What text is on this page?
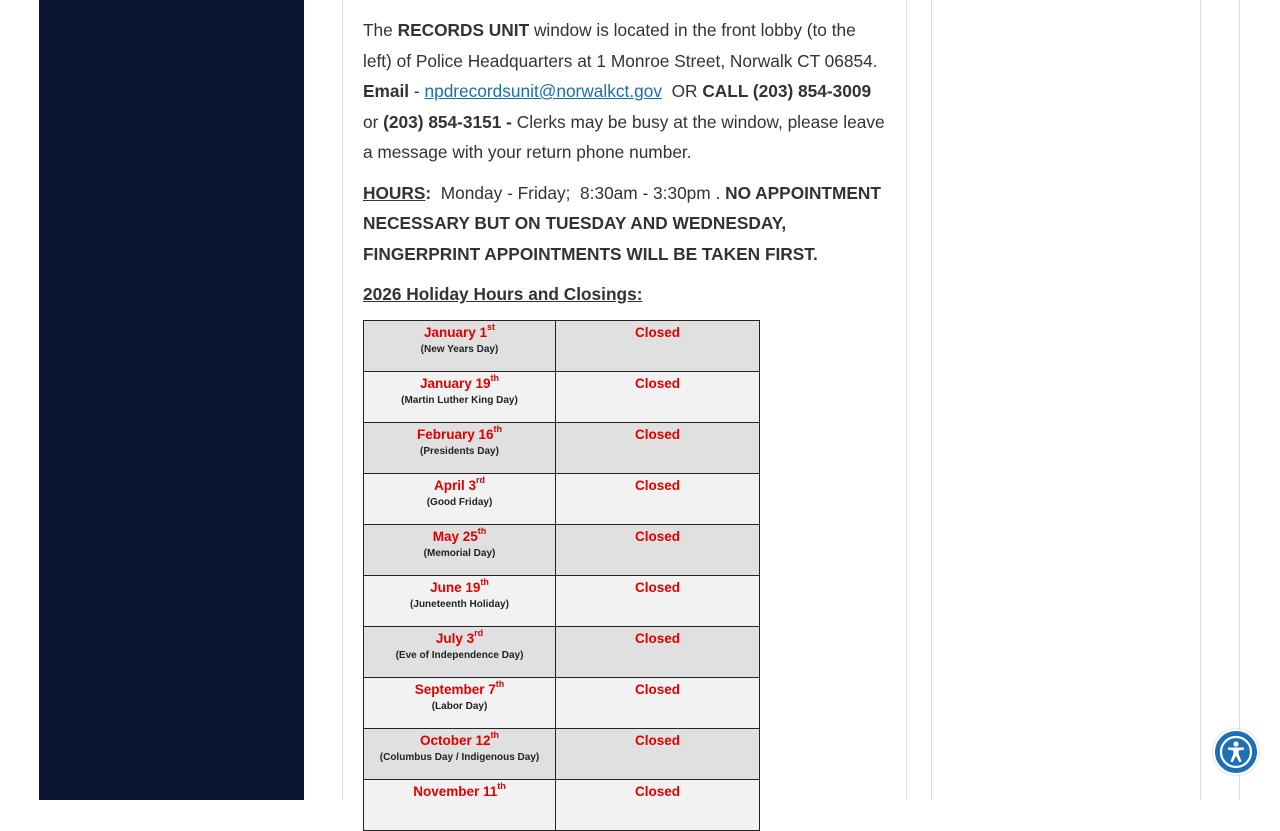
The RECORDS UNIT window is located in the front lobby (to the left) of Police Headquarters at 1 Monroe Street, Norwalk CT 06854.
Email - npdrecordsunit@norwalkct.gov  OR CALL (203) 854-3009 or (203) 854-3151 - Clerks may be busy at the window, please leave a message with your return phone number.

HOURS:  Monday - Friday;  8:30am - 3:30pm . NO APPOINTMENT NECESSARY BUT ON TUESDAY AND WEDNESDAY, FINGERPRINT APPOINTMENTS WILL BE TAKEN FIRST.

2026 Holiday Hours and Closings:

January 1st
(New Years Day)	Closed

January 19th
(Martin Luther King Day)	Closed

February 16th
(Presidents Day)	Closed

April 3rd
(Good Friday)	Closed

May 25th
(Memorial Day)	Closed

June 19th
(Juneteenth Holiday)	Closed

July 3rd
(Eve of Independence Day)	Closed

September 7th
(Labor Day)	Closed

October 12th
(Columbus Day / Indigenous Day)	Closed

November 11th	Closed
